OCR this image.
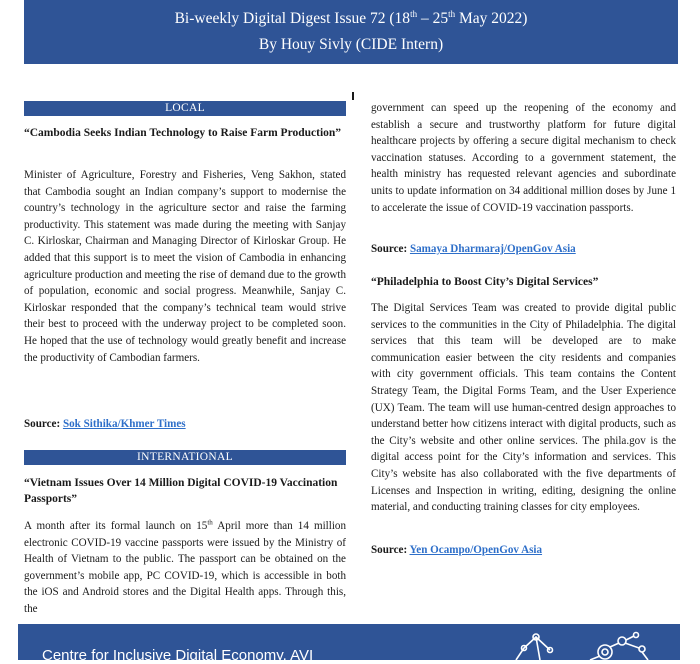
Bi-weekly Digital Digest Issue 72 (18th – 25th May 2022)
By Houy Sivly (CIDE Intern)
LOCAL
“Cambodia Seeks Indian Technology to Raise Farm Production”
Minister of Agriculture, Forestry and Fisheries, Veng Sakhon, stated that Cambodia sought an Indian company’s support to modernise the country’s technology in the agriculture sector and raise the farming productivity. This statement was made during the meeting with Sanjay C. Kirloskar, Chairman and Managing Director of Kirloskar Group. He added that this support is to meet the vision of Cambodia in enhancing agriculture production and meeting the rise of demand due to the growth of population, economic and social progress. Meanwhile, Sanjay C. Kirloskar responded that the company’s technical team would strive their best to proceed with the underway project to be completed soon. He hoped that the use of technology would greatly benefit and increase the productivity of Cambodian farmers.
Source: Sok Sithika/Khmer Times
INTERNATIONAL
“Vietnam Issues Over 14 Million Digital COVID-19 Vaccination Passports”
A month after its formal launch on 15th April more than 14 million electronic COVID-19 vaccine passports were issued by the Ministry of Health of Vietnam to the public. The passport can be obtained on the government’s mobile app, PC COVID-19, which is accessible in both the iOS and Android stores and the Digital Health apps. Through this, the
government can speed up the reopening of the economy and establish a secure and trustworthy platform for future digital healthcare projects by offering a secure digital mechanism to check vaccination statuses. According to a government statement, the health ministry has requested relevant agencies and subordinate units to update information on 34 additional million doses by June 1 to accelerate the issue of COVID-19 vaccination passports.
Source: Samaya Dharmaraj/OpenGov Asia
“Philadelphia to Boost City’s Digital Services”
The Digital Services Team was created to provide digital public services to the communities in the City of Philadelphia. The digital services that this team will be developed are to make communication easier between the city residents and companies with city government officials. This team contains the Content Strategy Team, the Digital Forms Team, and the User Experience (UX) Team. The team will use human-centred design approaches to understand better how citizens interact with digital products, such as the City’s website and other online services. The phila.gov is the digital access point for the City’s information and services. This City’s website has also collaborated with the five departments of Licenses and Inspection in writing, editing, designing the online material, and conducting training classes for city employees.
Source: Yen Ocampo/OpenGov Asia
Centre for Inclusive Digital Economy, AVI
